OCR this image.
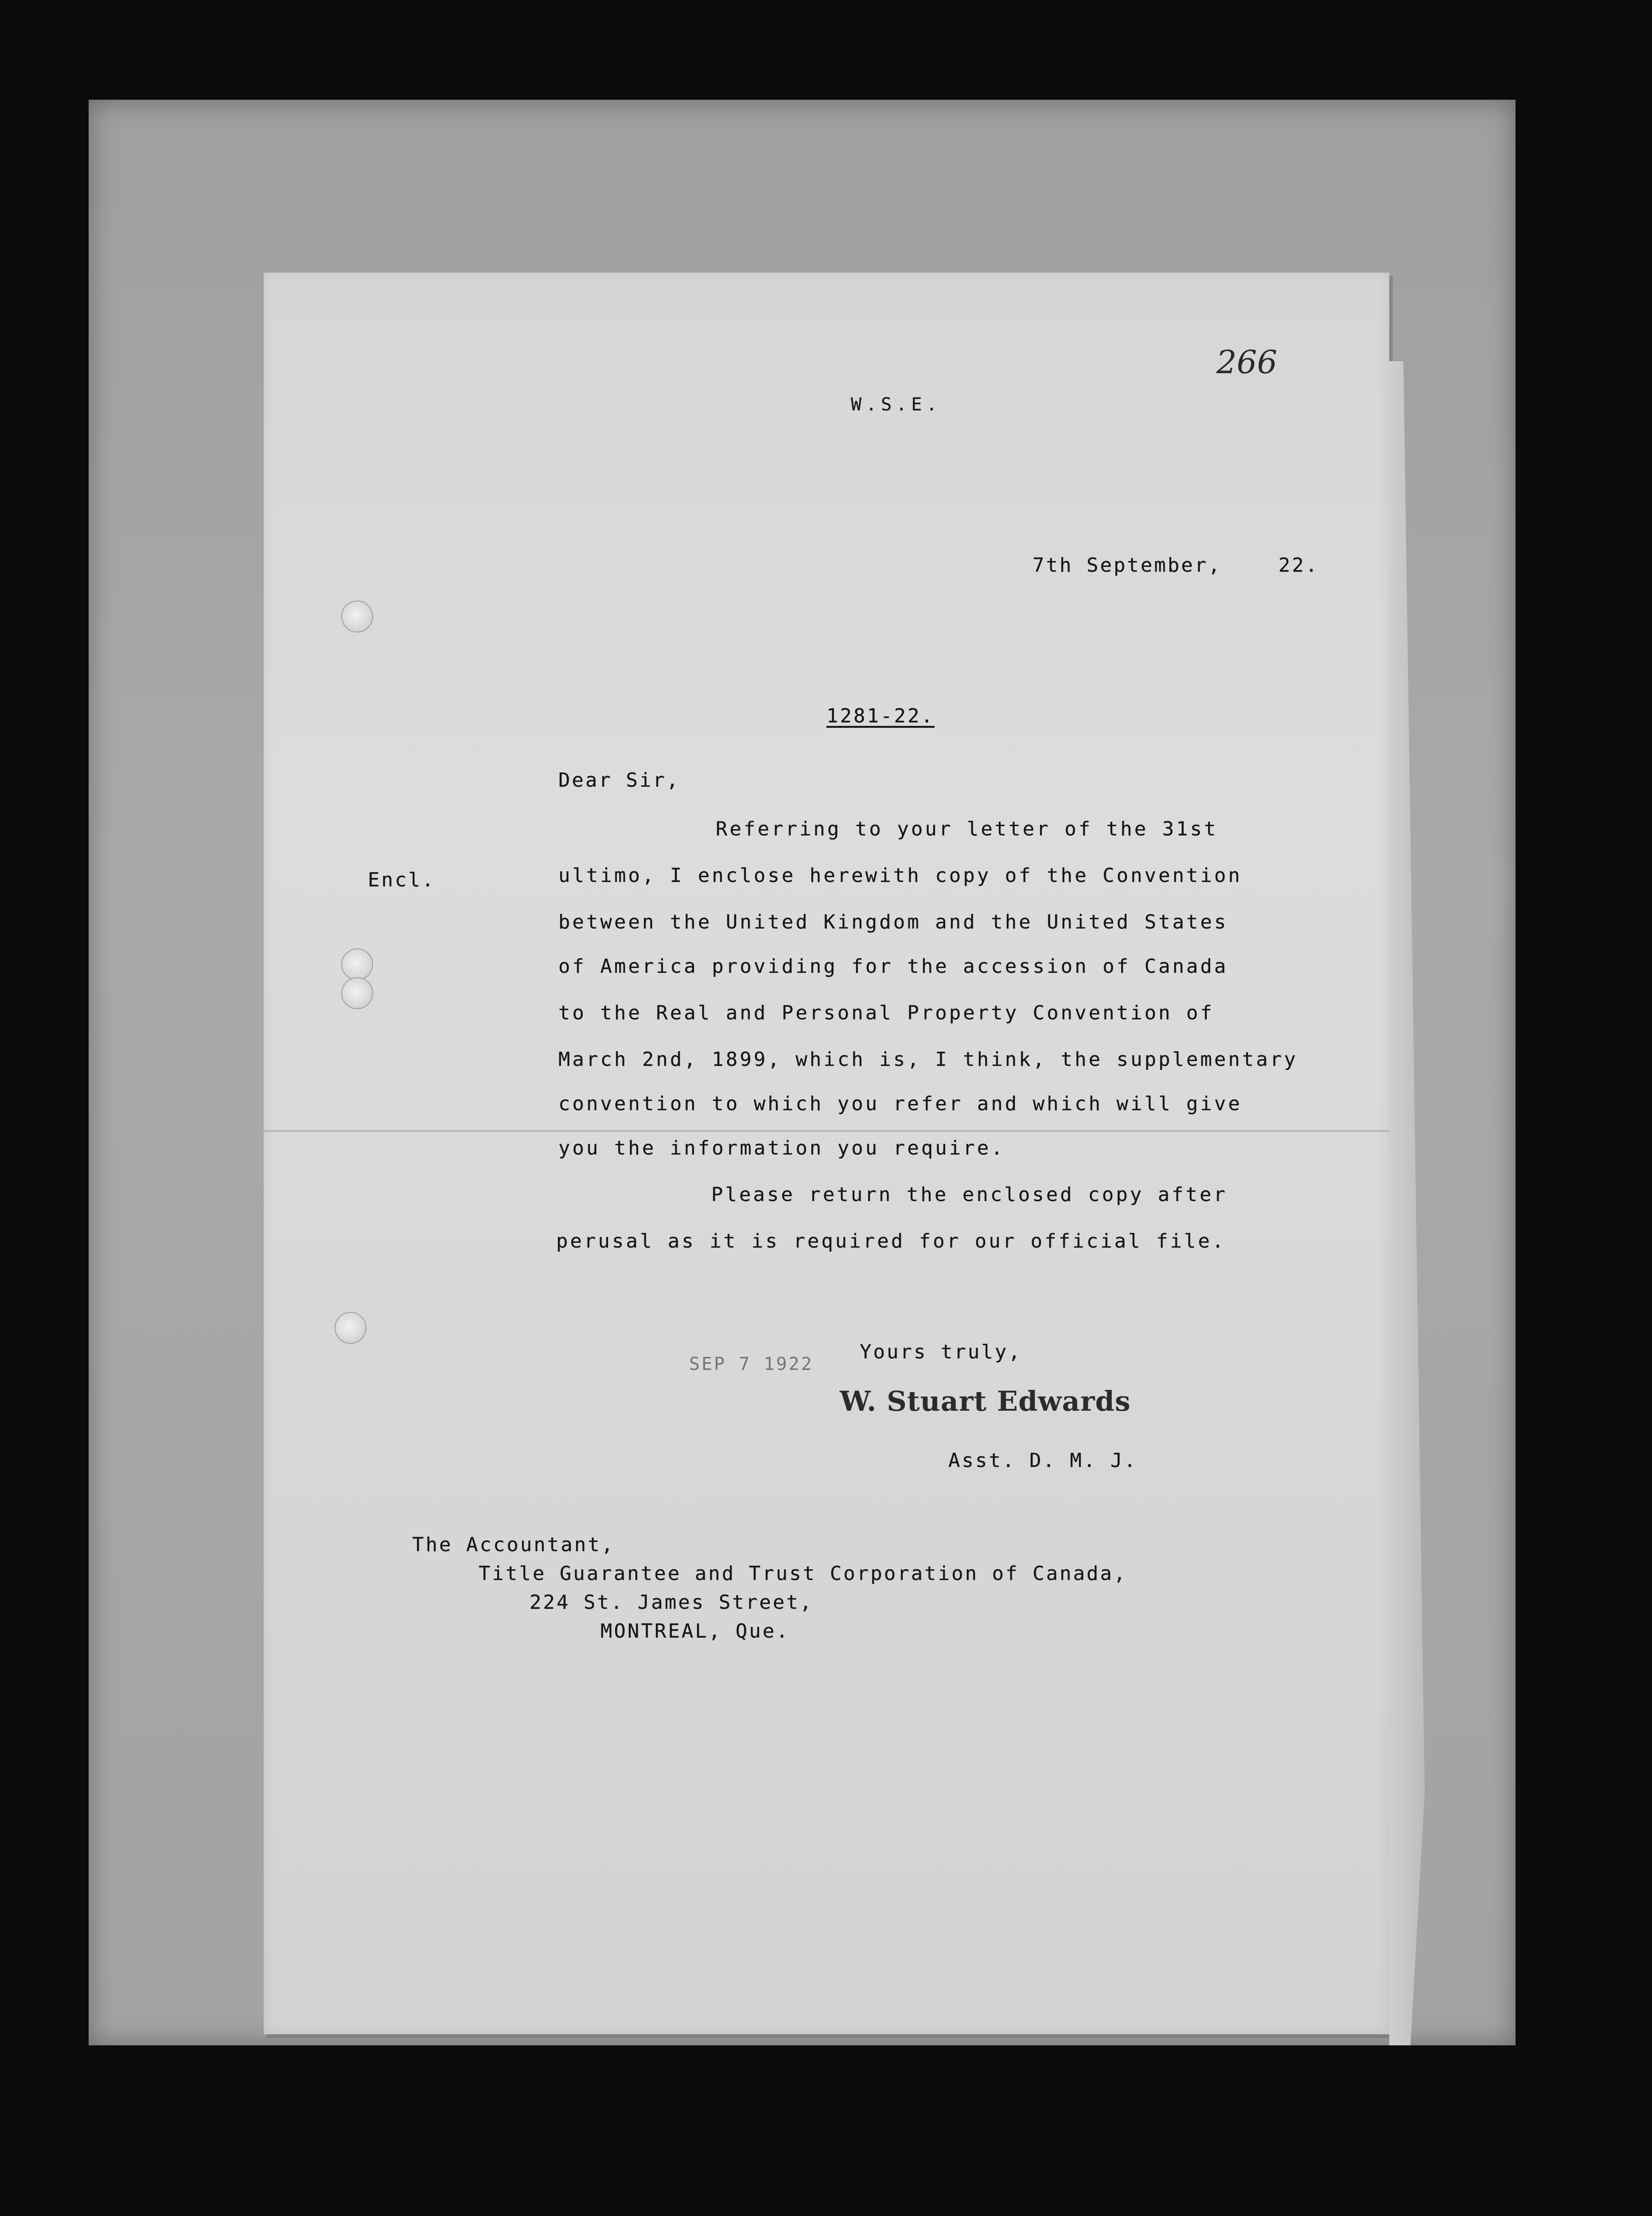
266
W.S.E.
7th September,	22.
1281-22.
Dear Sir,
Encl.
Referring to your letter of the 31st
ultimo, I enclose herewith copy of the Convention
between the United Kingdom and the United States
of America providing for the accession of Canada
to the Real and Personal Property Convention of
March 2nd, 1899, which is, I think, the supplementary
convention to which you refer and which will give
you the information you require.
Please return the enclosed copy after
perusal as it is required for our official file.
SEP 7 1922
Yours truly,
W. Stuart Edwards
Asst. D. M. J.
The Accountant,
Title Guarantee and Trust Corporation of Canada,
224 St. James Street,
MONTREAL, Que.
